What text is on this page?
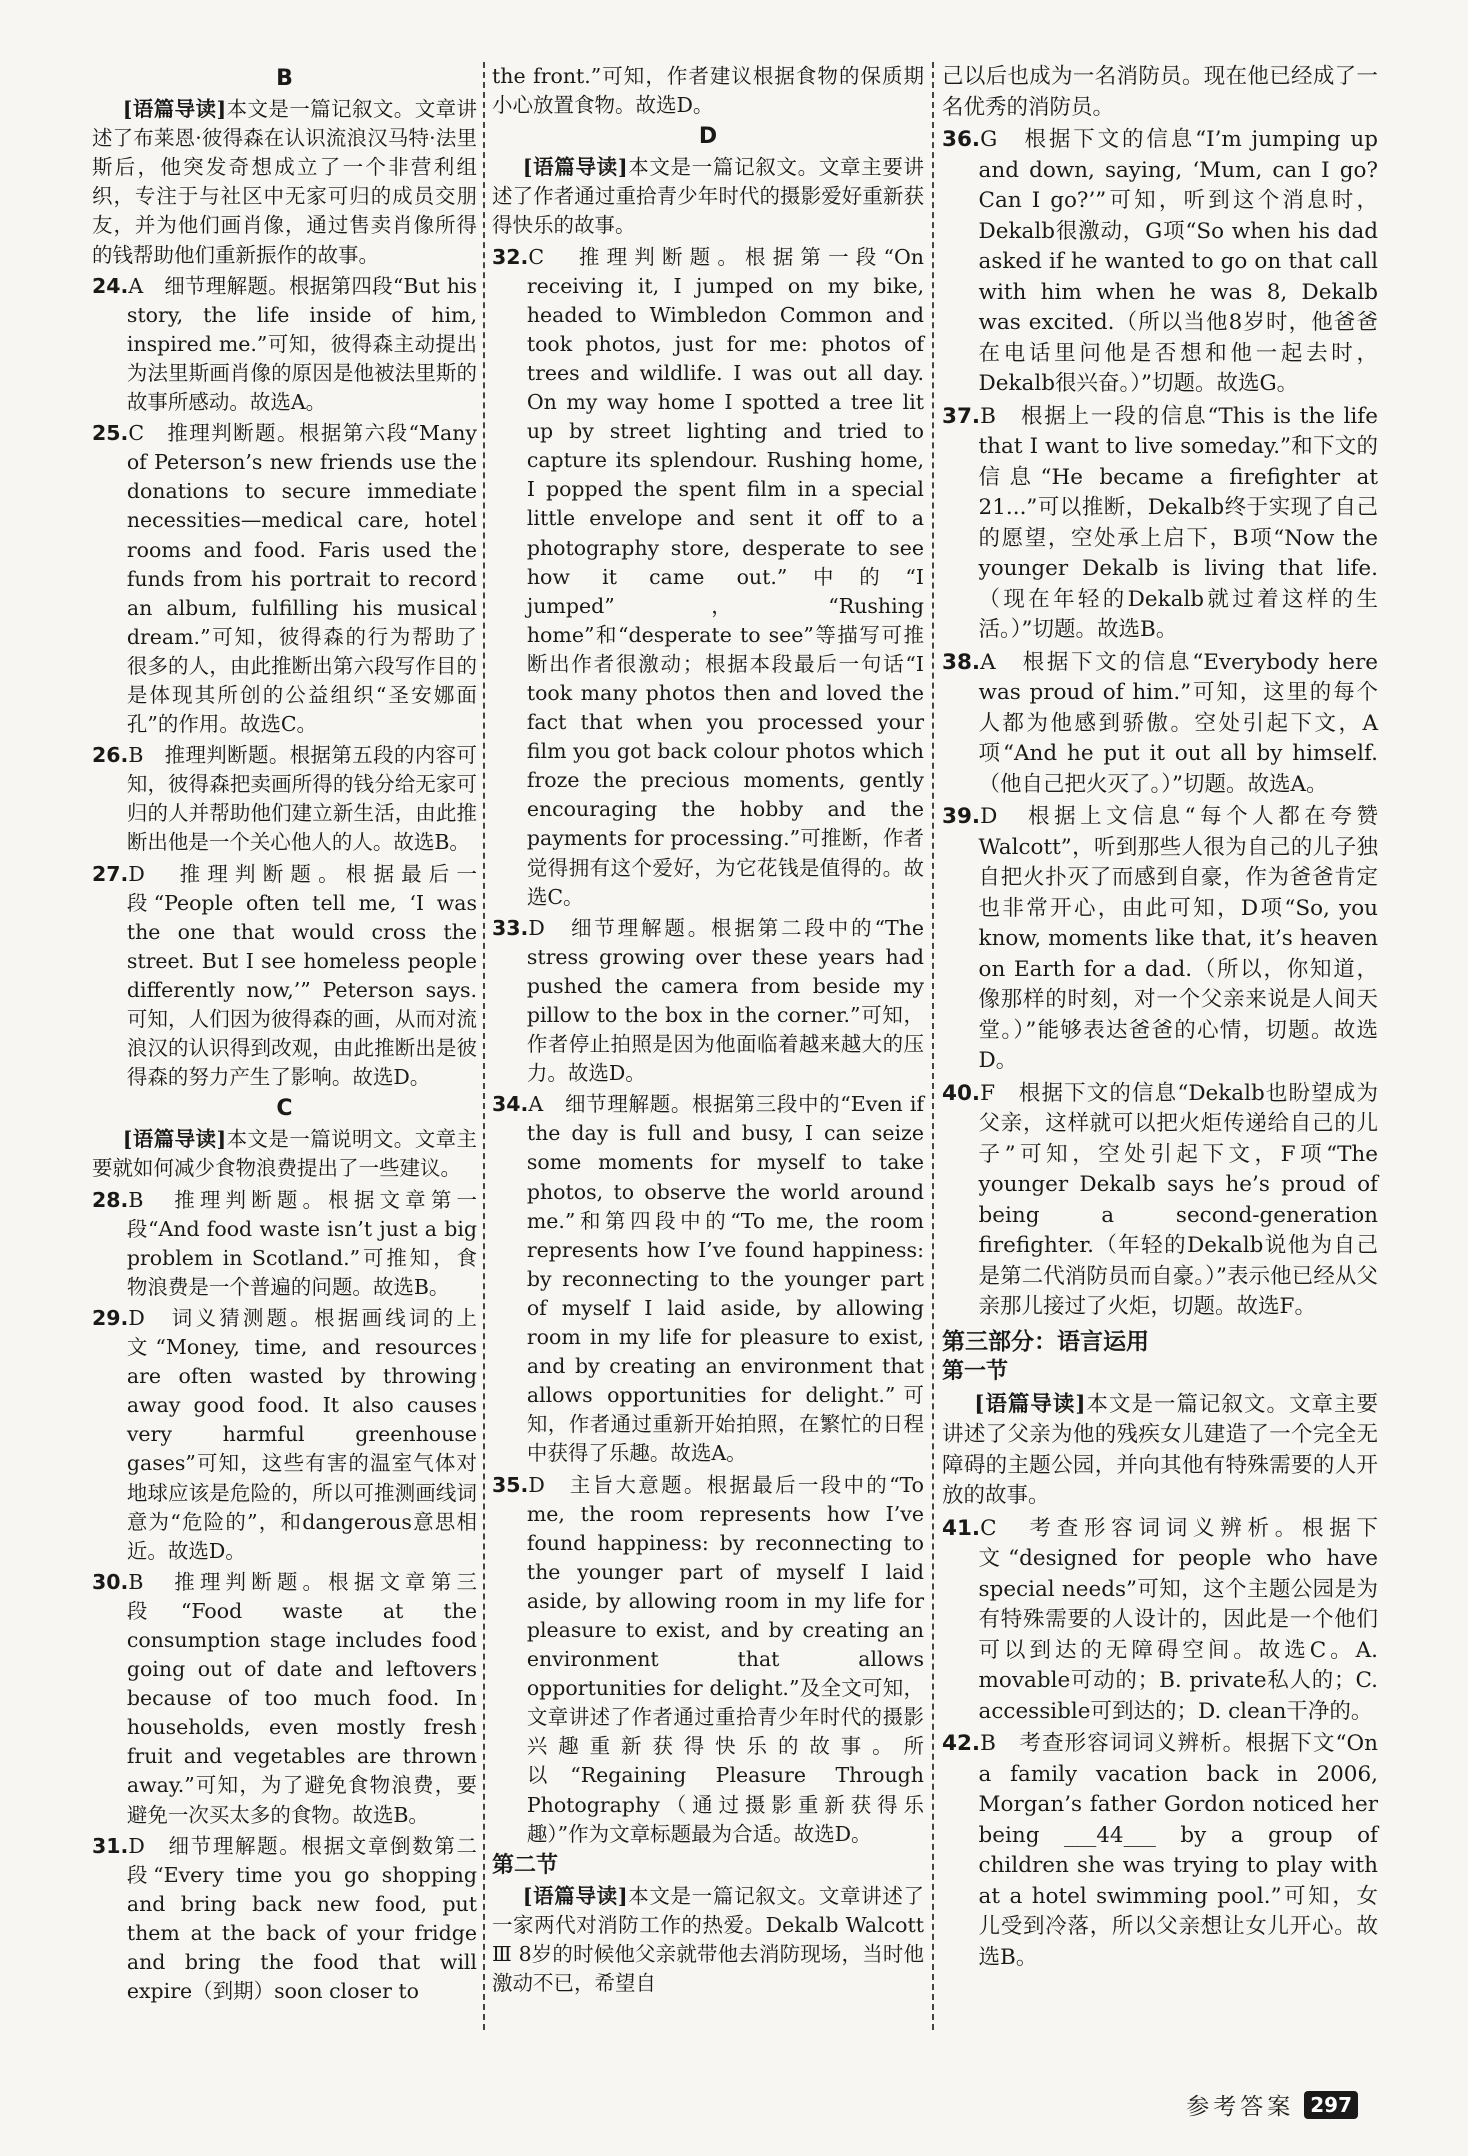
B
[语篇导读]本文是一篇记叙文。文章讲述了布莱恩·彼得森在认识流浪汉马特·法里斯后，他突发奇想成立了一个非营利组织，专注于与社区中无家可归的成员交朋友，并为他们画肖像，通过售卖肖像所得的钱帮助他们重新振作的故事。
24.A　细节理解题。根据第四段“But his story, the life inside of him, inspired me.”可知，彼得森主动提出为法里斯画肖像的原因是他被法里斯的故事所感动。故选A。
25.C　推理判断题。根据第六段“Many of Peterson’s new friends use the donations to secure immediate necessities—medical care, hotel rooms and food. Faris used the funds from his portrait to record an album, fulfilling his musical dream.”可知，彼得森的行为帮助了很多的人，由此推断出第六段写作目的是体现其所创的公益组织“圣安娜面孔”的作用。故选C。
26.B　推理判断题。根据第五段的内容可知，彼得森把卖画所得的钱分给无家可归的人并帮助他们建立新生活，由此推断出他是一个关心他人的人。故选B。
27.D　推理判断题。根据最后一段“People often tell me, ‘I was the one that would cross the street. But I see homeless people differently now,’” Peterson says. 可知，人们因为彼得森的画，从而对流浪汉的认识得到改观，由此推断出是彼得森的努力产生了影响。故选D。
C
[语篇导读]本文是一篇说明文。文章主要就如何减少食物浪费提出了一些建议。
28.B　推理判断题。根据文章第一段“And food waste isn’t just a big problem in Scotland.”可推知，食物浪费是一个普遍的问题。故选B。
29.D　词义猜测题。根据画线词的上文“Money, time, and resources are often wasted by throwing away good food. It also causes very harmful greenhouse gases”可知，这些有害的温室气体对地球应该是危险的，所以可推测画线词意为“危险的”，和dangerous意思相近。故选D。
30.B　推理判断题。根据文章第三段“Food waste at the consumption stage includes food going out of date and leftovers because of too much food. In households, even mostly fresh fruit and vegetables are thrown away.”可知，为了避免食物浪费，要避免一次买太多的食物。故选B。
31.D　细节理解题。根据文章倒数第二段“Every time you go shopping and bring back new food, put them at the back of your fridge and bring the food that will expire（到期）soon closer to
the front.”可知，作者建议根据食物的保质期小心放置食物。故选D。
D
[语篇导读]本文是一篇记叙文。文章主要讲述了作者通过重拾青少年时代的摄影爱好重新获得快乐的故事。
32.C　推理判断题。根据第一段“On receiving it, I jumped on my bike, headed to Wimbledon Common and took photos, just for me: photos of trees and wildlife. I was out all day. On my way home I spotted a tree lit up by street lighting and tried to capture its splendour. Rushing home, I popped the spent film in a special little envelope and sent it off to a photography store, desperate to see how it came out.”中的“I jumped”，“Rushing home”和“desperate to see”等描写可推断出作者很激动；根据本段最后一句话“I took many photos then and loved the fact that when you processed your film you got back colour photos which froze the precious moments, gently encouraging the hobby and the payments for processing.”可推断，作者觉得拥有这个爱好，为它花钱是值得的。故选C。
33.D　细节理解题。根据第二段中的“The stress growing over these years had pushed the camera from beside my pillow to the box in the corner.”可知，作者停止拍照是因为他面临着越来越大的压力。故选D。
34.A　细节理解题。根据第三段中的“Even if the day is full and busy, I can seize some moments for myself to take photos, to observe the world around me.”和第四段中的“To me, the room represents how I’ve found happiness: by reconnecting to the younger part of myself I laid aside, by allowing room in my life for pleasure to exist, and by creating an environment that allows opportunities for delight.”可知，作者通过重新开始拍照，在繁忙的日程中获得了乐趣。故选A。
35.D　主旨大意题。根据最后一段中的“To me, the room represents how I’ve found happiness: by reconnecting to the younger part of myself I laid aside, by allowing room in my life for pleasure to exist, and by creating an environment that allows opportunities for delight.”及全文可知，文章讲述了作者通过重拾青少年时代的摄影兴趣重新获得快乐的故事。所以“Regaining Pleasure Through Photography（通过摄影重新获得乐趣）”作为文章标题最为合适。故选D。
第二节
[语篇导读]本文是一篇记叙文。文章讲述了一家两代对消防工作的热爱。Dekalb Walcott Ⅲ 8岁的时候他父亲就带他去消防现场，当时他激动不已，希望自
己以后也成为一名消防员。现在他已经成了一名优秀的消防员。
36.G　根据下文的信息“I’m jumping up and down, saying, ‘Mum, can I go? Can I go?’”可知，听到这个消息时，Dekalb很激动，G项“So when his dad asked if he wanted to go on that call with him when he was 8, Dekalb was excited.（所以当他8岁时，他爸爸在电话里问他是否想和他一起去时，Dekalb很兴奋。）”切题。故选G。
37.B　根据上一段的信息“This is the life that I want to live someday.”和下文的信息“He became a firefighter at 21...”可以推断，Dekalb终于实现了自己的愿望，空处承上启下，B项“Now the younger Dekalb is living that life.（现在年轻的Dekalb就过着这样的生活。）”切题。故选B。
38.A　根据下文的信息“Everybody here was proud of him.”可知，这里的每个人都为他感到骄傲。空处引起下文，A项“And he put it out all by himself.（他自己把火灭了。）”切题。故选A。
39.D　根据上文信息“每个人都在夸赞Walcott”，听到那些人很为自己的儿子独自把火扑灭了而感到自豪，作为爸爸肯定也非常开心，由此可知，D项“So, you know, moments like that, it’s heaven on Earth for a dad.（所以，你知道，像那样的时刻，对一个父亲来说是人间天堂。）”能够表达爸爸的心情，切题。故选D。
40.F　根据下文的信息“Dekalb也盼望成为父亲，这样就可以把火炬传递给自己的儿子”可知，空处引起下文，F项“The younger Dekalb says he’s proud of being a second-generation firefighter.（年轻的Dekalb说他为自己是第二代消防员而自豪。）”表示他已经从父亲那儿接过了火炬，切题。故选F。
第三部分：语言运用
第一节
[语篇导读]本文是一篇记叙文。文章主要讲述了父亲为他的残疾女儿建造了一个完全无障碍的主题公园，并向其他有特殊需要的人开放的故事。
41.C　考查形容词词义辨析。根据下文“designed for people who have special needs”可知，这个主题公园是为有特殊需要的人设计的，因此是一个他们可以到达的无障碍空间。故选C。A. movable可动的；B. private私人的；C. accessible可到达的；D. clean干净的。
42.B　考查形容词词义辨析。根据下文“On a family vacation back in 2006, Morgan’s father Gordon noticed her being ___44___ by a group of children she was trying to play with at a hotel swimming pool.”可知，女儿受到冷落，所以父亲想让女儿开心。故选B。
参考答案 297
